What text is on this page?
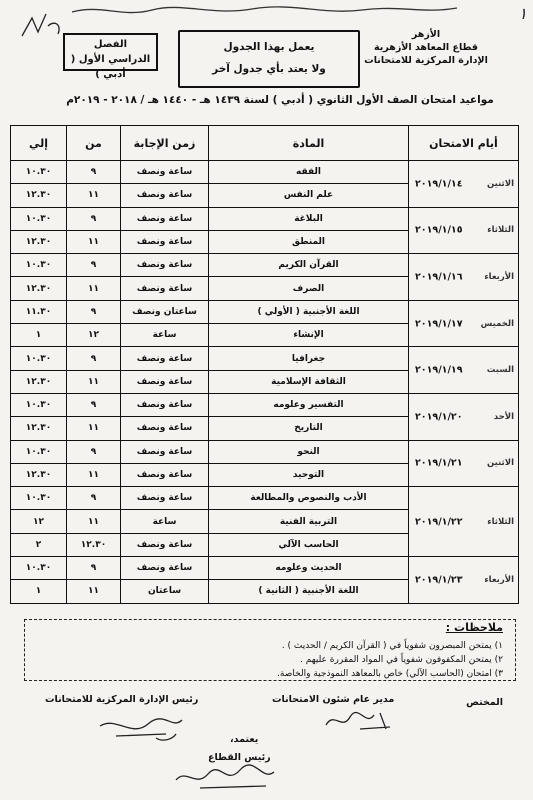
١
الأزهر
قطاع المعاهد الأزهرية
الإدارة المركزية للامتحانات
يعمل بهذا الجدول
ولا يعتد بأي جدول آخر
الفصل
الدراسي الأول ( أدبي )
مواعيد امتحان الصف الأول الثانوي ( أدبي ) لسنة ١٤٣٩ هـ - ١٤٤٠ هـ / ٢٠١٨ - ٢٠١٩م
أيام الامتحان	المادة	زمن الإجابة	من	إلي

الاثنين
٢٠١٩/١/١٤	الفقه	ساعة ونصف	٩	١٠.٣٠
	علم النفس	ساعة ونصف	١١	١٢.٣٠

الثلاثاء
٢٠١٩/١/١٥	البلاغة	ساعة ونصف	٩	١٠.٣٠
	المنطق	ساعة ونصف	١١	١٢.٣٠

الأربعاء
٢٠١٩/١/١٦	القرآن الكريم	ساعة ونصف	٩	١٠.٣٠
	الصرف	ساعة ونصف	١١	١٢.٣٠

الخميس
٢٠١٩/١/١٧	اللغة الأجنبية ( الأولي )	ساعتان ونصف	٩	١١.٣٠
	الإنشاء	ساعة	١٢	١

السبت
٢٠١٩/١/١٩	جغرافيا	ساعة ونصف	٩	١٠.٣٠
	الثقافة الإسلامية	ساعة ونصف	١١	١٢.٣٠

الأحد
٢٠١٩/١/٢٠	التفسير وعلومه	ساعة ونصف	٩	١٠.٣٠
	التاريخ	ساعة ونصف	١١	١٢.٣٠

الاثنين
٢٠١٩/١/٢١	النحو	ساعة ونصف	٩	١٠.٣٠
	التوحيد	ساعة ونصف	١١	١٢.٣٠

الثلاثاء
٢٠١٩/١/٢٢	الأدب والنصوص والمطالعة	ساعة ونصف	٩	١٠.٣٠
	التربية الفنية	ساعة	١١	١٢
	الحاسب الآلي	ساعة ونصف	١٢.٣٠	٢

الأربعاء
٢٠١٩/١/٢٣	الحديث وعلومه	ساعة ونصف	٩	١٠.٣٠
	اللغة الأجنبية ( الثانية )	ساعتان	١١	١
ملاحظات :
١) يمتحن المبصرون شفوياً في ( القرآن الكريم / الحديث ) .
٢) يمتحن المكفوفون شفوياً في المواد المقررة عليهم .
٣) امتحان (الحاسب الآلي) خاص بالمعاهد النموذجية والخاصة.
المختص
مدير عام شئون الامتحانات
رئيس الإدارة المركزية للامتحانات
يعتمد،
رئيس القطاع
